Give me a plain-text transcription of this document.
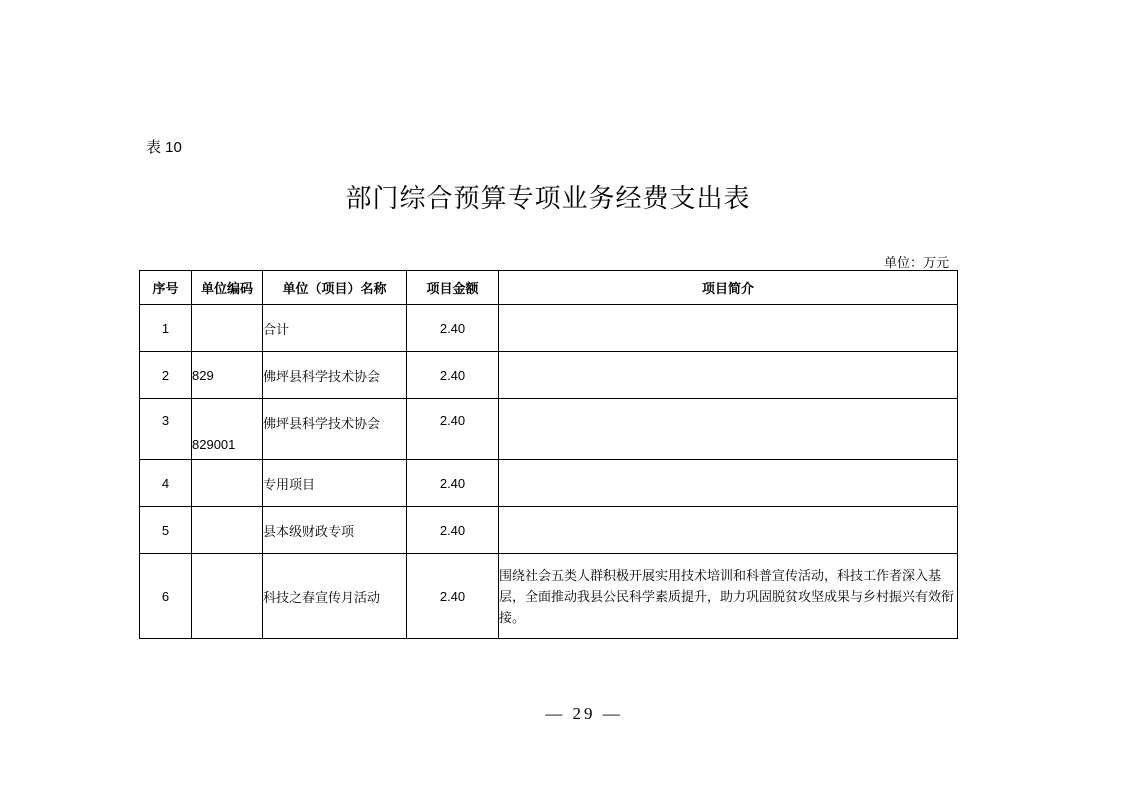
表 10
部门综合预算专项业务经费支出表
单位：万元
序号	单位编码	单位（项目）名称	项目金额	项目简介
1		合计	2.40	
2	829	佛坪县科学技术协会	2.40	
3	829001	佛坪县科学技术协会	2.40	
4		专用项目	2.40	
5		县本级财政专项	2.40	
6		科技之春宣传月活动	2.40	围绕社会五类人群积极开展实用技术培训和科普宣传活动，科技工作者深入基层，全面推动我县公民科学素质提升，助力巩固脱贫攻坚成果与乡村振兴有效衔接。
— 29 —
